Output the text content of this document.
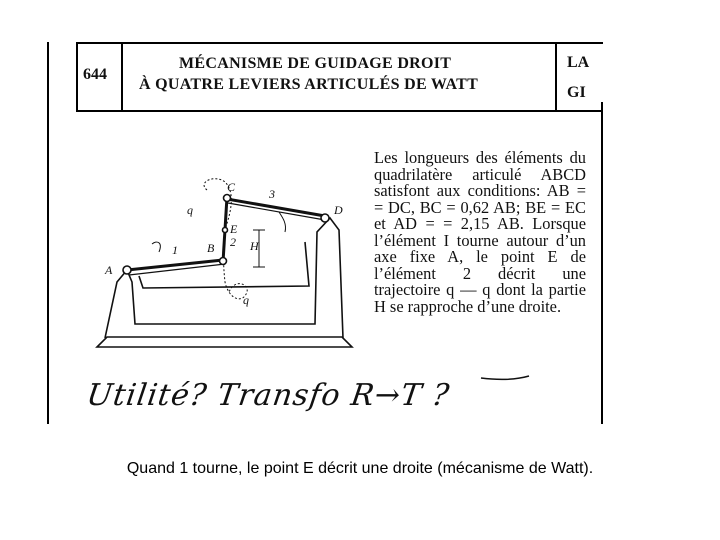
644
MÉCANISME DE GUIDAGE DROIT
À QUATRE LEVIERS ARTICULÉS DE WATT
LA
GI

Les longueurs des éléments du quadrilatère articulé ABCD satisfont aux conditions: AB = = DC, BC = 0,62 AB; BE = EC et AD = = 2,15 AB. Lorsque l’élément I tourne autour d’un axe fixe A, le point E de l’élément 2 décrit une trajectoire q — q dont la partie H se rapproche d’une droite.

A
B
C
D
E
H
1
2
3
q
q
Utilité? Transfo R→T ?
Quand 1 tourne, le point E décrit une droite (mécanisme de Watt).
